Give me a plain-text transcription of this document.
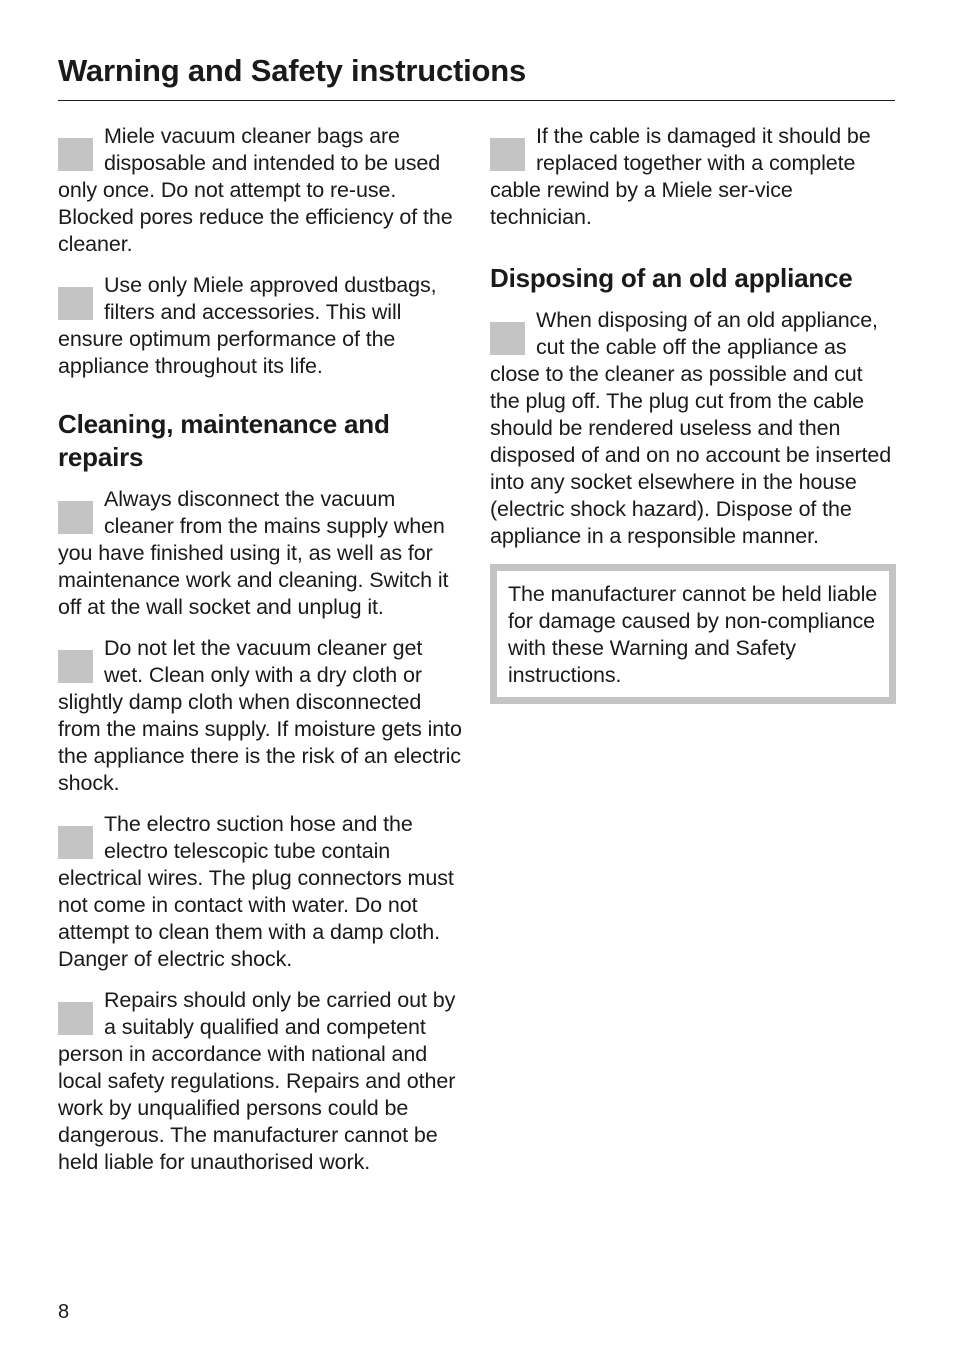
Warning and Safety instructions

Miele vacuum cleaner bags are disposable and intended to be used only once. Do not attempt to re-use. Blocked pores reduce the efficiency of the cleaner.

Use only Miele approved dustbags, filters and accessories. This will ensure optimum performance of the appliance throughout its life.

Cleaning, maintenance and repairs

Always disconnect the vacuum cleaner from the mains supply when you have finished using it, as well as for maintenance work and cleaning. Switch it off at the wall socket and unplug it.

Do not let the vacuum cleaner get wet. Clean only with a dry cloth or slightly damp cloth when disconnected from the mains supply. If moisture gets into the appliance there is the risk of an electric shock.

The electro suction hose and the electro telescopic tube contain electrical wires. The plug connectors must not come in contact with water. Do not attempt to clean them with a damp cloth. Danger of electric shock.

Repairs should only be carried out by a suitably qualified and competent person in accordance with national and local safety regulations. Repairs and other work by unqualified persons could be dangerous. The manufacturer cannot be held liable for unauthorised work.

If the cable is damaged it should be replaced together with a complete cable rewind by a Miele ser-vice technician.

Disposing of an old appliance

When disposing of an old appliance, cut the cable off the appliance as close to the cleaner as possible and cut the plug off. The plug cut from the cable should be rendered useless and then disposed of and on no account be inserted into any socket elsewhere in the house (electric shock hazard). Dispose of the appliance in a responsible manner.

The manufacturer cannot be held liable for damage caused by non-compliance with these Warning and Safety instructions.
8
